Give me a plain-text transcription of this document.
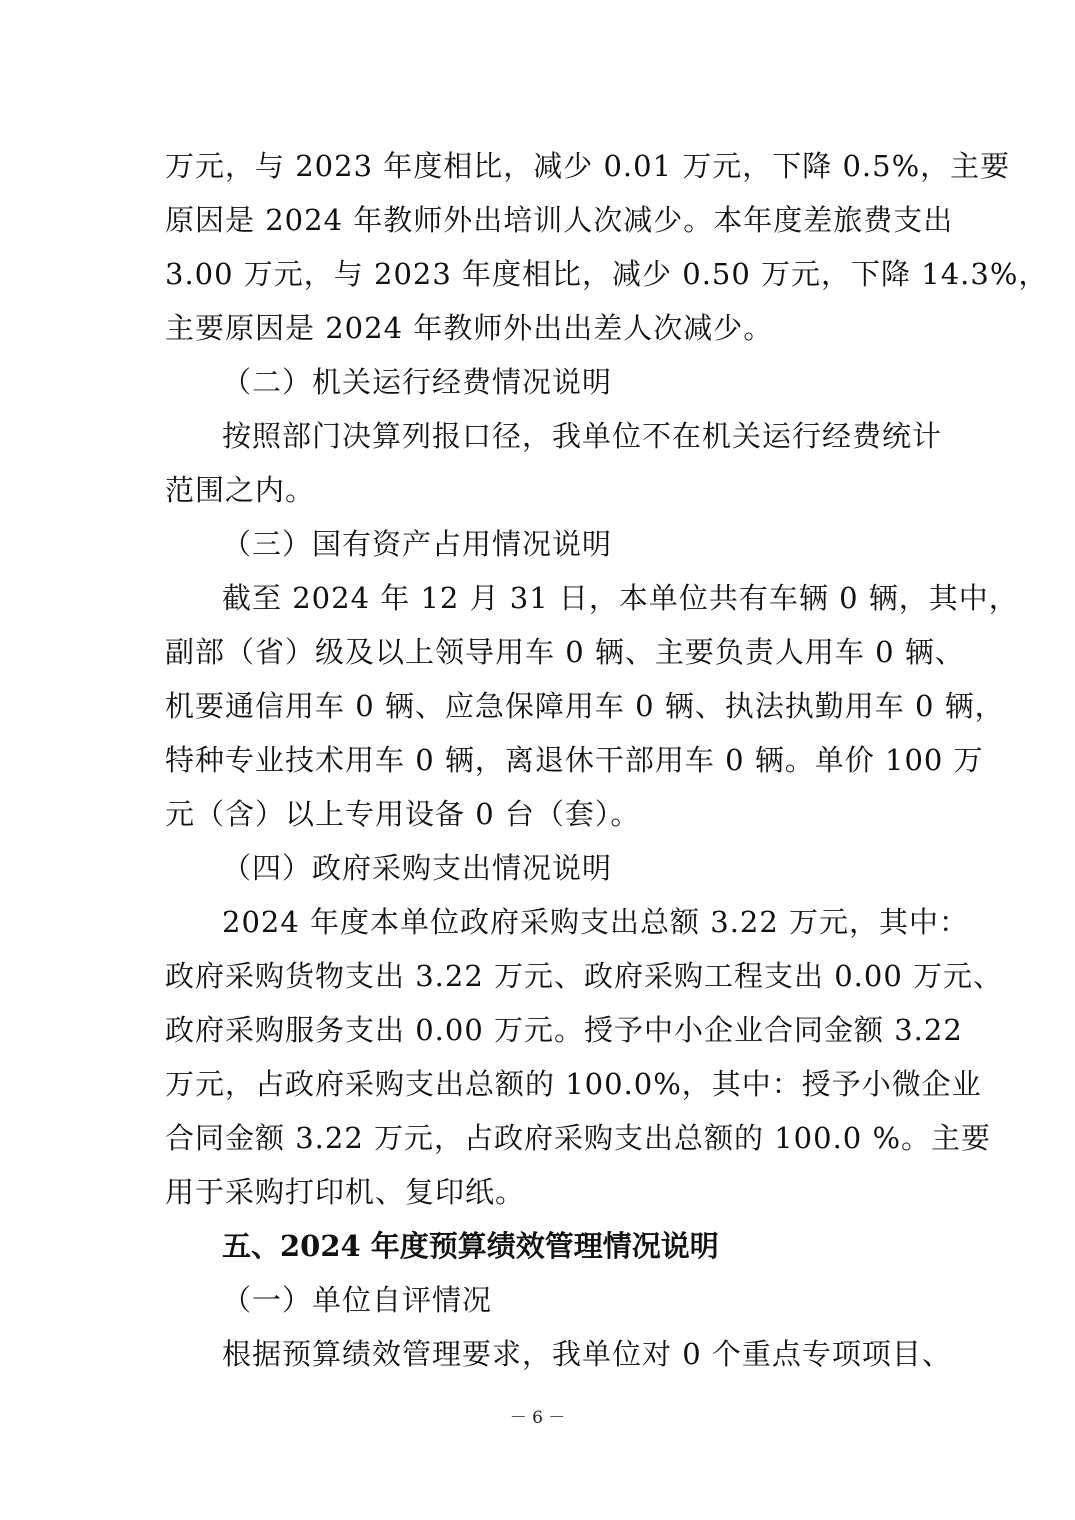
万元，与 2023 年度相比，减少 0.01 万元，下降 0.5%，主要
原因是 2024 年教师外出培训人次减少。本年度差旅费支出
3.00 万元，与 2023 年度相比，减少 0.50 万元，下降 14.3%，
主要原因是 2024 年教师外出出差人次减少。
（二）机关运行经费情况说明
按照部门决算列报口径，我单位不在机关运行经费统计
范围之内。
（三）国有资产占用情况说明
截至 2024 年 12 月 31 日，本单位共有车辆 0 辆，其中，
副部（省）级及以上领导用车 0 辆、主要负责人用车 0 辆、
机要通信用车 0 辆、应急保障用车 0 辆、执法执勤用车 0 辆，
特种专业技术用车 0 辆，离退休干部用车 0 辆。单价 100 万
元（含）以上专用设备 0 台（套）。
（四）政府采购支出情况说明
2024 年度本单位政府采购支出总额 3.22 万元，其中：
政府采购货物支出 3.22 万元、政府采购工程支出 0.00 万元、
政府采购服务支出 0.00 万元。授予中小企业合同金额 3.22
万元，占政府采购支出总额的 100.0%，其中：授予小微企业
合同金额 3.22 万元，占政府采购支出总额的 100.0 %。主要
用于采购打印机、复印纸。
五、2024 年度预算绩效管理情况说明
（一）单位自评情况
根据预算绩效管理要求，我单位对 0 个重点专项项目、
－ 6 －
